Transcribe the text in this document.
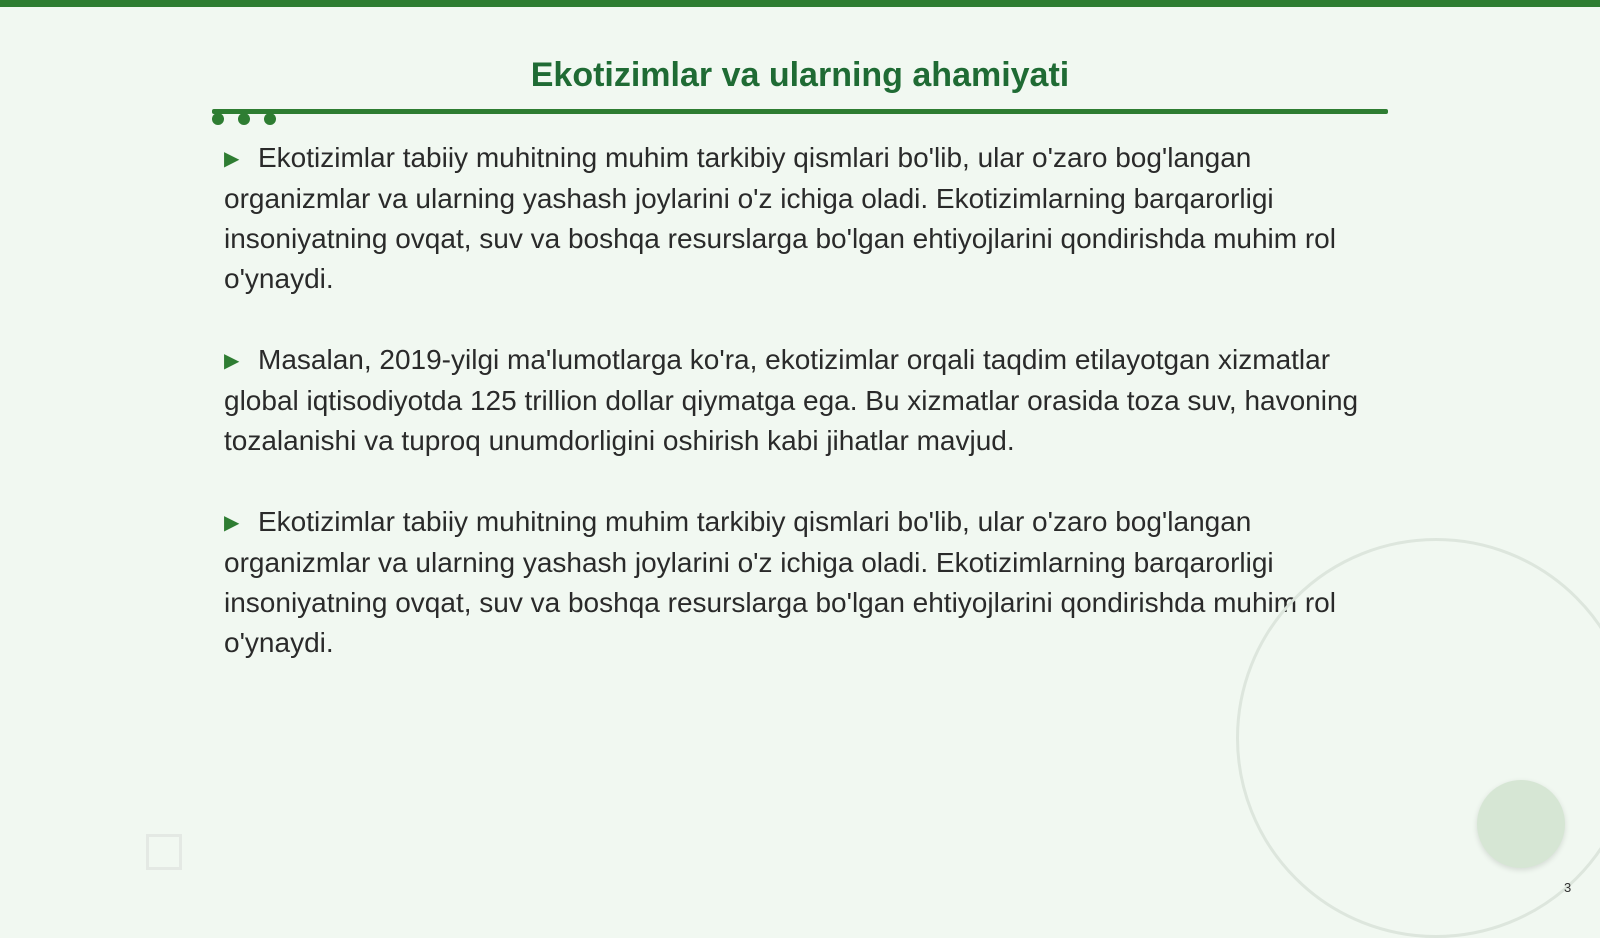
Ekotizimlar va ularning ahamiyati

▶ Ekotizimlar tabiiy muhitning muhim tarkibiy qismlari bo'lib, ular o'zaro bog'langan organizmlar va ularning yashash joylarini o'z ichiga oladi. Ekotizimlarning barqarorligi insoniyatning ovqat, suv va boshqa resurslarga bo'lgan ehtiyojlarini qondirishda muhim rol o'ynaydi.

▶ Masalan, 2019-yilgi ma'lumotlarga ko'ra, ekotizimlar orqali taqdim etilayotgan xizmatlar global iqtisodiyotda 125 trillion dollar qiymatga ega. Bu xizmatlar orasida toza suv, havoning tozalanishi va tuproq unumdorligini oshirish kabi jihatlar mavjud.

▶ Ekotizimlar tabiiy muhitning muhim tarkibiy qismlari bo'lib, ular o'zaro bog'langan organizmlar va ularning yashash joylarini o'z ichiga oladi. Ekotizimlarning barqarorligi insoniyatning ovqat, suv va boshqa resurslarga bo'lgan ehtiyojlarini qondirishda muhim rol o'ynaydi.

3
